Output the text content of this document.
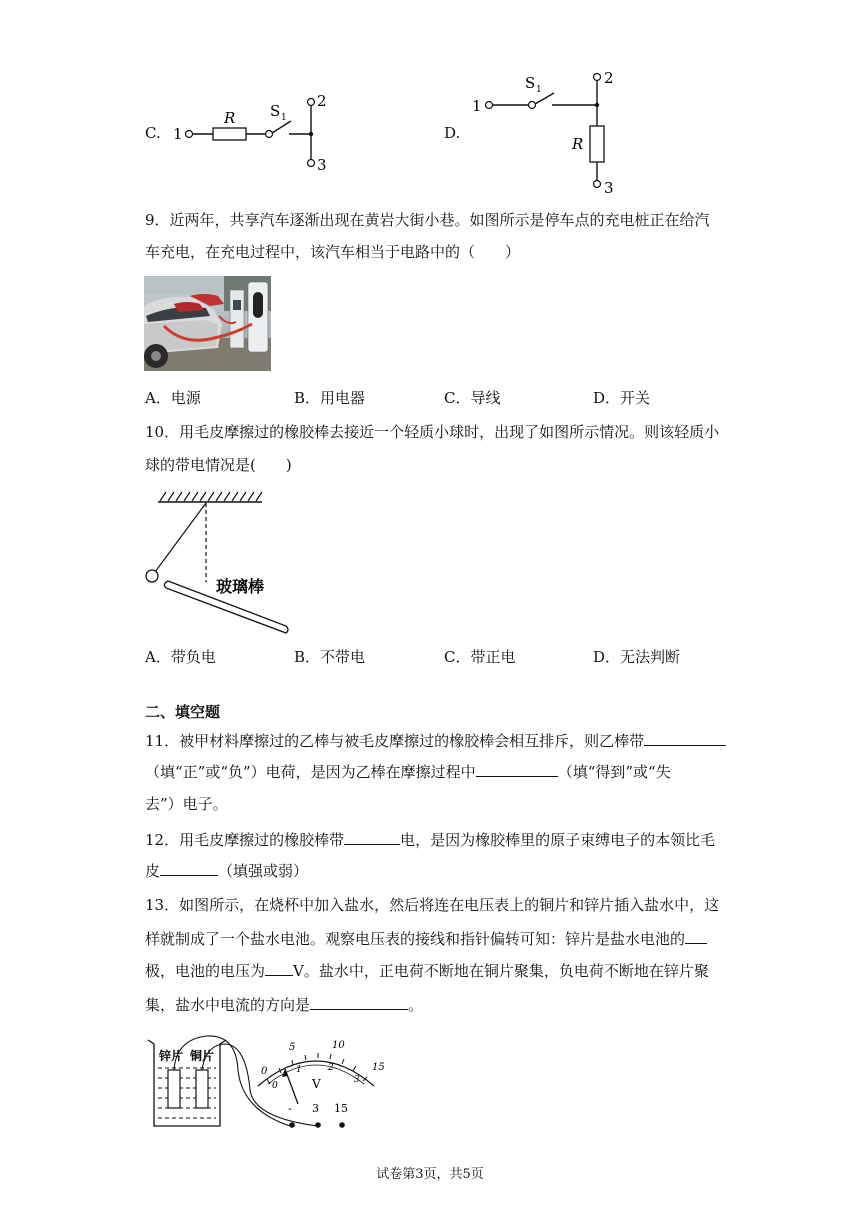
C. 1
R S 1
2
3
D.
1
S 1
2
R
3
9．近两年，共享汽车逐渐出现在黄岩大街小巷。如图所示是停车点的充电桩正在给汽
车充电，在充电过程中，该汽车相当于电路中的（　　）
A．电源	B．用电器	C．导线	D．开关
10．用毛皮摩擦过的橡胶棒去接近一个轻质小球时，出现了如图所示情况。则该轻质小
球的带电情况是(　　)
玻璃棒
A．带负电	B．不带电	C．带正电	D．无法判断
二、填空题
11．被甲材料摩擦过的乙棒与被毛皮摩擦过的橡胶棒会相互排斥，则乙棒带
（填“正”或“负”）电荷，是因为乙棒在摩擦过程中	（填“得到”或“失
去”）电子。
12．用毛皮摩擦过的橡胶棒带	电，是因为橡胶棒里的原子束缚电子的本领比毛
皮	（填强或弱）
13．如图所示，在烧杯中加入盐水，然后将连在电压表上的铜片和锌片插入盐水中，这
样就制成了一个盐水电池。观察电压表的接线和指针偏转可知：锌片是盐水电池的
极，电池的电压为 V。盐水中，正电荷不断地在铜片聚集，负电荷不断地在锌片聚
集，盐水中电流的方向是	。
锌片 铜片
0
5	10
15
0
1	2
3
V
- 3 15
试卷第3页，共5页
